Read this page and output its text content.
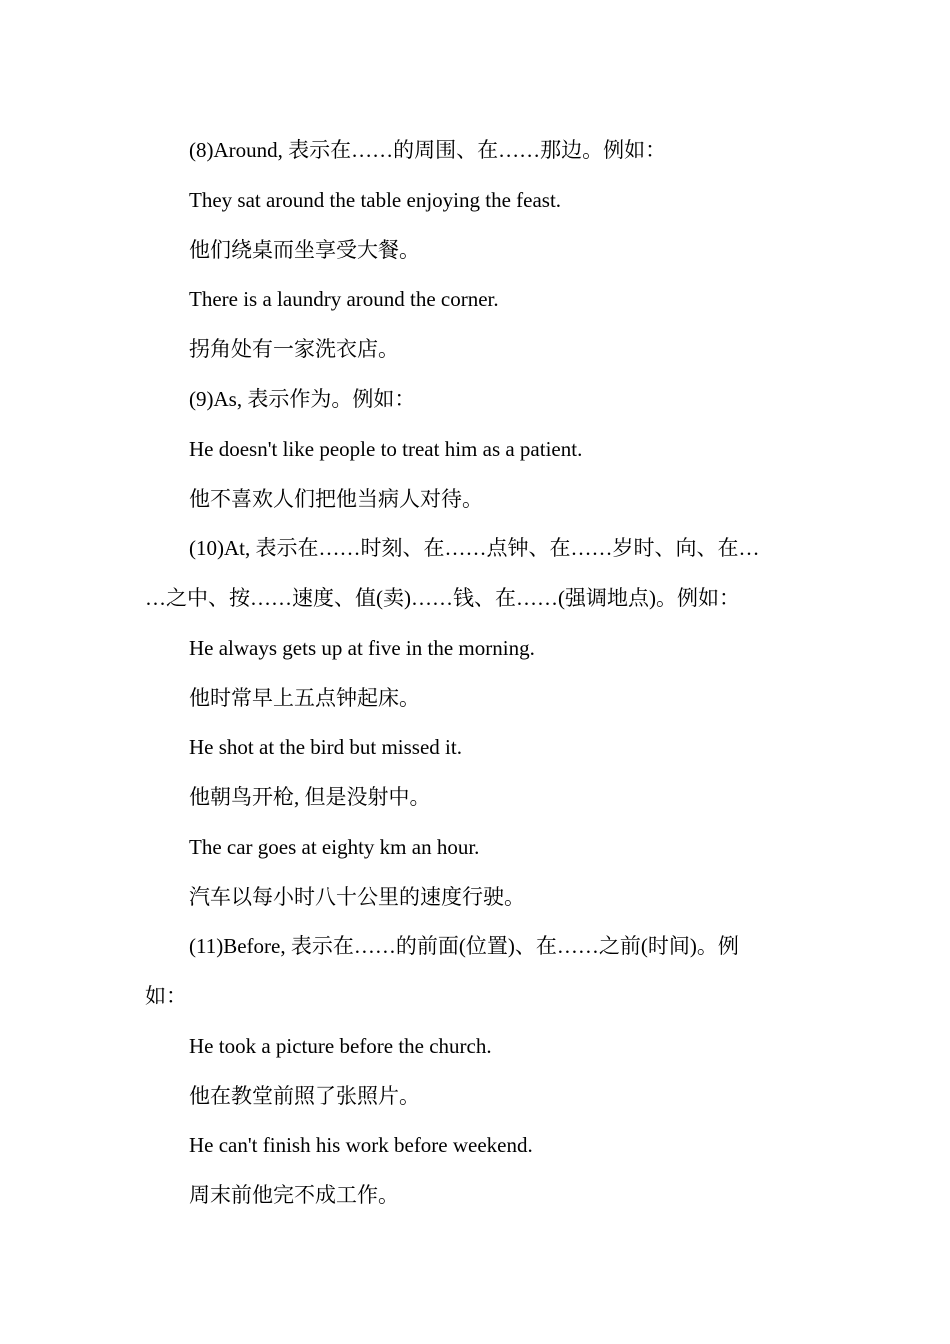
(8)Around, 表示在……的周围、在……那边。例如：
They sat around the table enjoying the feast.
他们绕桌而坐享受大餐。
There is a laundry around the corner.
拐角处有一家洗衣店。
(9)As, 表示作为。例如：
He doesn't like people to treat him as a patient.
他不喜欢人们把他当病人对待。
(10)At, 表示在……时刻、在……点钟、在……岁时、向、在…
…之中、按……速度、值(卖)……钱、在……(强调地点)。例如：
He always gets up at five in the morning.
他时常早上五点钟起床。
He shot at the bird but missed it.
他朝鸟开枪, 但是没射中。
The car goes at eighty km an hour.
汽车以每小时八十公里的速度行驶。
(11)Before, 表示在……的前面(位置)、在……之前(时间)。例
如：
He took a picture before the church.
他在教堂前照了张照片。
He can't finish his work before weekend.
周末前他完不成工作。
